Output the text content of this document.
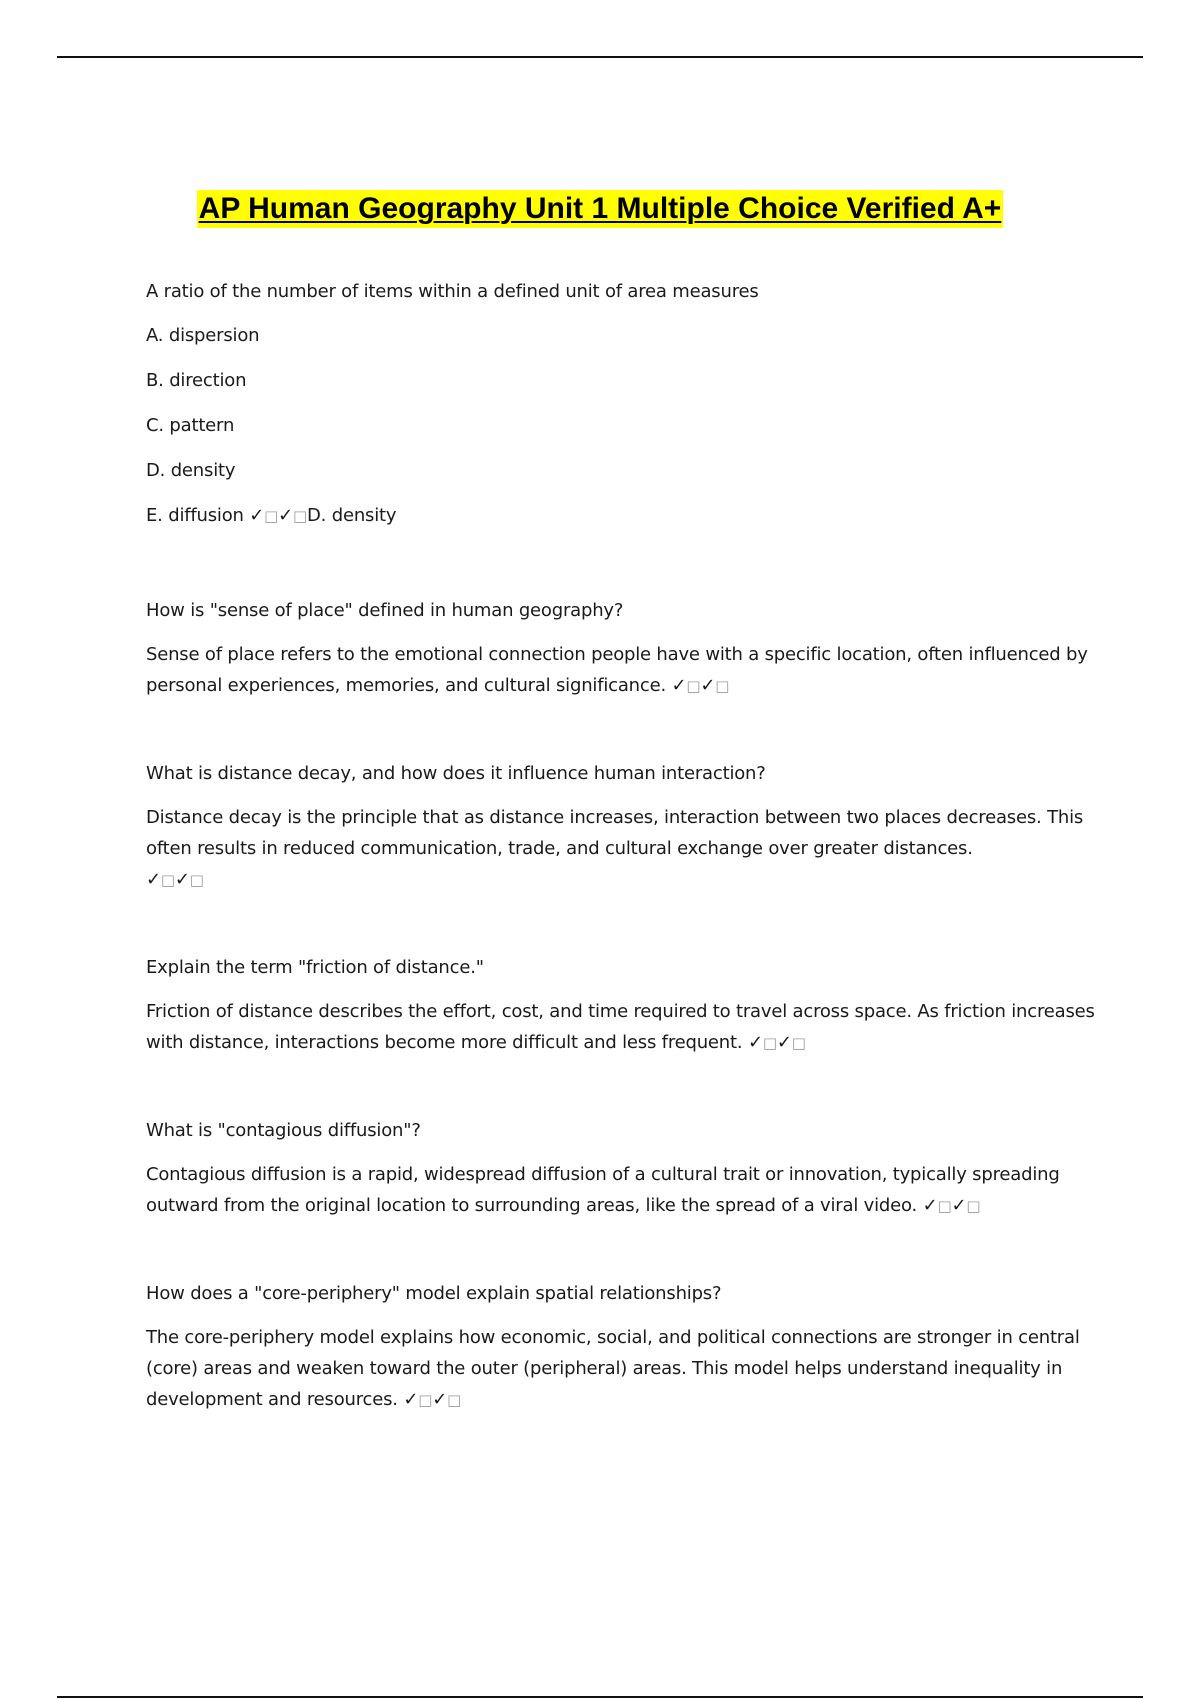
AP Human Geography Unit 1 Multiple Choice Verified A+

A ratio of the number of items within a defined unit of area measures

A. dispersion

B. direction

C. pattern

D. density

E. diffusion ✓□✓□D. density

How is "sense of place" defined in human geography?

Sense of place refers to the emotional connection people have with a specific location, often influenced by personal experiences, memories, and cultural significance. ✓□✓□

What is distance decay, and how does it influence human interaction?

Distance decay is the principle that as distance increases, interaction between two places decreases. This often results in reduced communication, trade, and cultural exchange over greater distances.
✓□✓□

Explain the term "friction of distance."

Friction of distance describes the effort, cost, and time required to travel across space. As friction increases with distance, interactions become more difficult and less frequent. ✓□✓□

What is "contagious diffusion"?

Contagious diffusion is a rapid, widespread diffusion of a cultural trait or innovation, typically spreading outward from the original location to surrounding areas, like the spread of a viral video. ✓□✓□

How does a "core-periphery" model explain spatial relationships?

The core-periphery model explains how economic, social, and political connections are stronger in central (core) areas and weaken toward the outer (peripheral) areas. This model helps understand inequality in development and resources. ✓□✓□
